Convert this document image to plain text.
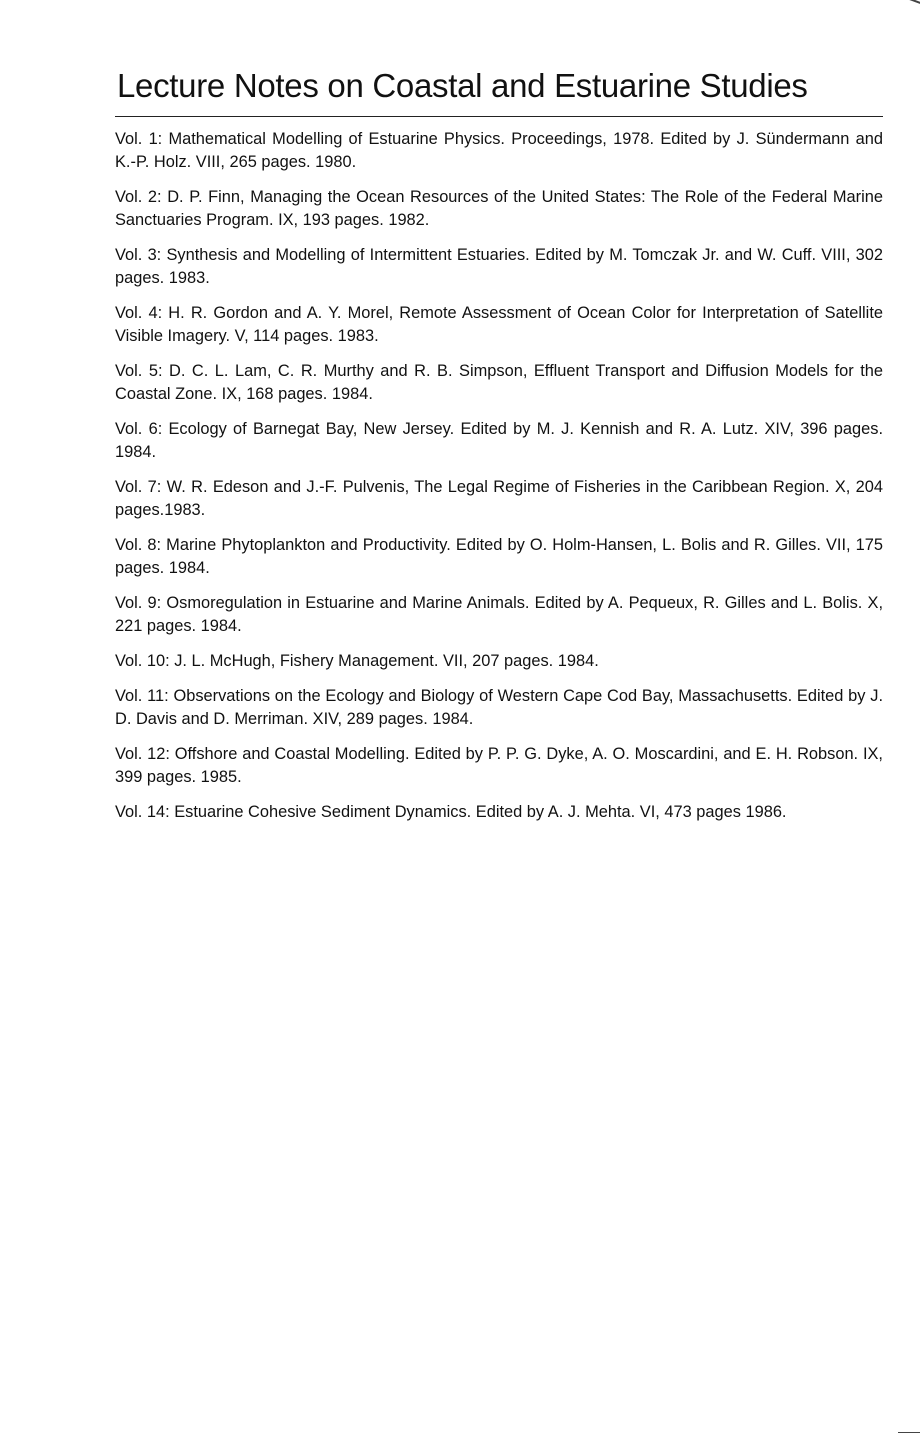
Lecture Notes on Coastal and Estuarine Studies
Vol. 1: Mathematical Modelling of Estuarine Physics. Proceedings, 1978. Edited by J. Sündermann and K.-P. Holz. VIII, 265 pages. 1980.
Vol. 2: D. P. Finn, Managing the Ocean Resources of the United States: The Role of the Federal Marine Sanctuaries Program. IX, 193 pages. 1982.
Vol. 3: Synthesis and Modelling of Intermittent Estuaries. Edited by M. Tomczak Jr. and W. Cuff. VIII, 302 pages. 1983.
Vol. 4: H. R. Gordon and A. Y. Morel, Remote Assessment of Ocean Color for Interpretation of Satellite Visible Imagery. V, 114 pages. 1983.
Vol. 5: D. C. L. Lam, C. R. Murthy and R. B. Simpson, Effluent Transport and Diffusion Models for the Coastal Zone. IX, 168 pages. 1984.
Vol. 6: Ecology of Barnegat Bay, New Jersey. Edited by M. J. Kennish and R. A. Lutz. XIV, 396 pages. 1984.
Vol. 7: W. R. Edeson and J.-F. Pulvenis, The Legal Regime of Fisheries in the Caribbean Region. X, 204 pages.1983.
Vol. 8: Marine Phytoplankton and Productivity. Edited by O. Holm-Hansen, L. Bolis and R. Gilles. VII, 175 pages. 1984.
Vol. 9: Osmoregulation in Estuarine and Marine Animals. Edited by A. Pequeux, R. Gilles and L. Bolis. X, 221 pages. 1984.
Vol. 10: J. L. McHugh, Fishery Management. VII, 207 pages. 1984.
Vol. 11: Observations on the Ecology and Biology of Western Cape Cod Bay, Massachusetts. Edited by J. D. Davis and D. Merriman. XIV, 289 pages. 1984.
Vol. 12: Offshore and Coastal Modelling. Edited by P. P. G. Dyke, A. O. Moscardini, and E. H. Robson. IX, 399 pages. 1985.
Vol. 14: Estuarine Cohesive Sediment Dynamics. Edited by A. J. Mehta. VI, 473 pages 1986.
